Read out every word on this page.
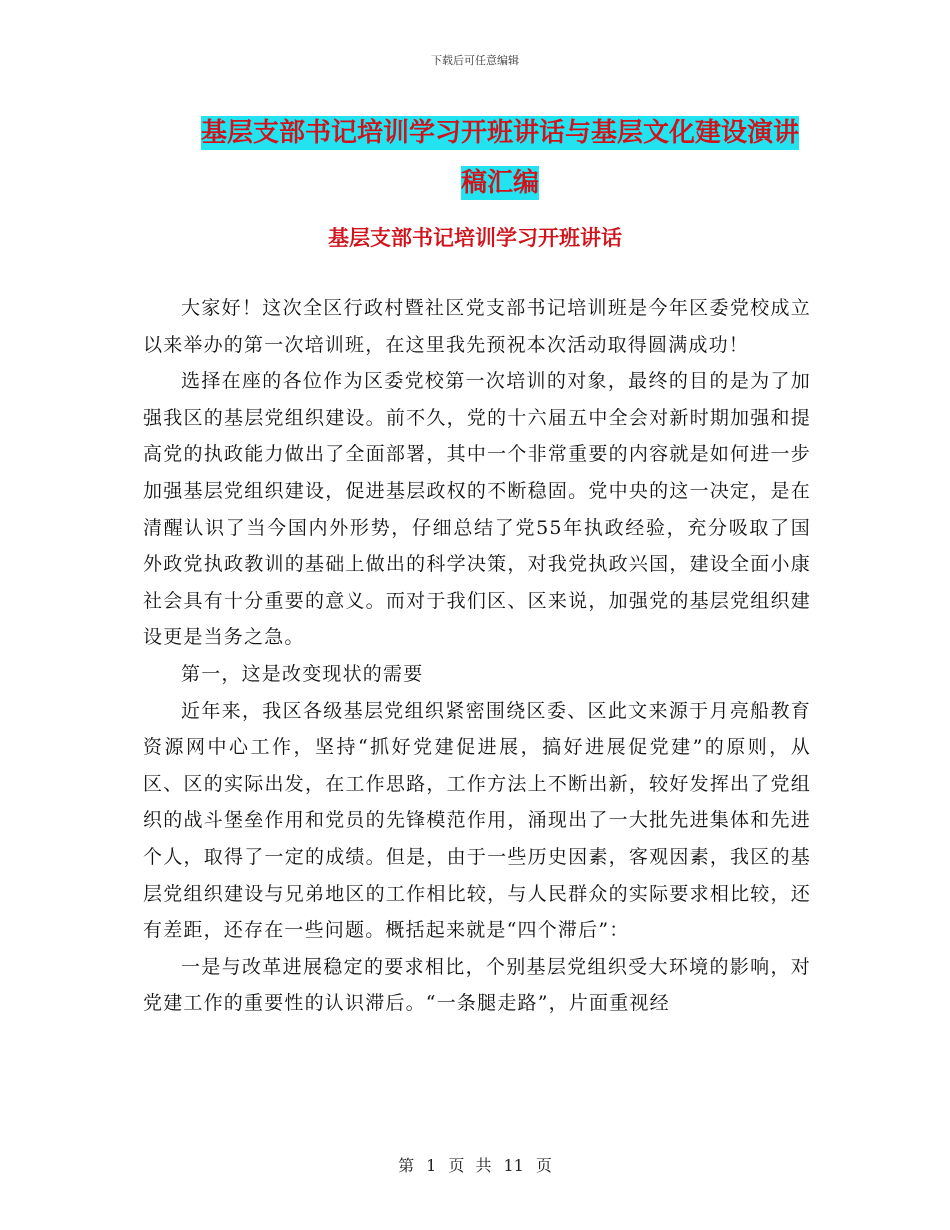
下载后可任意编辑
基层支部书记培训学习开班讲话与基层文化建设演讲
稿汇编
基层支部书记培训学习开班讲话

大家好！这次全区行政村暨社区党支部书记培训班是今年区委党校成立以来举办的第一次培训班，在这里我先预祝本次活动取得圆满成功！

选择在座的各位作为区委党校第一次培训的对象，最终的目的是为了加强我区的基层党组织建设。前不久，党的十六届五中全会对新时期加强和提高党的执政能力做出了全面部署，其中一个非常重要的内容就是如何进一步加强基层党组织建设，促进基层政权的不断稳固。党中央的这一决定，是在清醒认识了当今国内外形势，仔细总结了党55年执政经验，充分吸取了国外政党执政教训的基础上做出的科学决策，对我党执政兴国，建设全面小康社会具有十分重要的意义。而对于我们区、区来说，加强党的基层党组织建设更是当务之急。

第一，这是改变现状的需要

近年来，我区各级基层党组织紧密围绕区委、区此文来源于月亮船教育资源网中心工作，坚持“抓好党建促进展，搞好进展促党建”的原则，从区、区的实际出发，在工作思路，工作方法上不断出新，较好发挥出了党组织的战斗堡垒作用和党员的先锋模范作用，涌现出了一大批先进集体和先进个人，取得了一定的成绩。但是，由于一些历史因素，客观因素，我区的基层党组织建设与兄弟地区的工作相比较，与人民群众的实际要求相比较，还有差距，还存在一些问题。概括起来就是“四个滞后”：

一是与改革进展稳定的要求相比，个别基层党组织受大环境的影响，对党建工作的重要性的认识滞后。“一条腿走路”，片面重视经

第 1 页 共 11 页
